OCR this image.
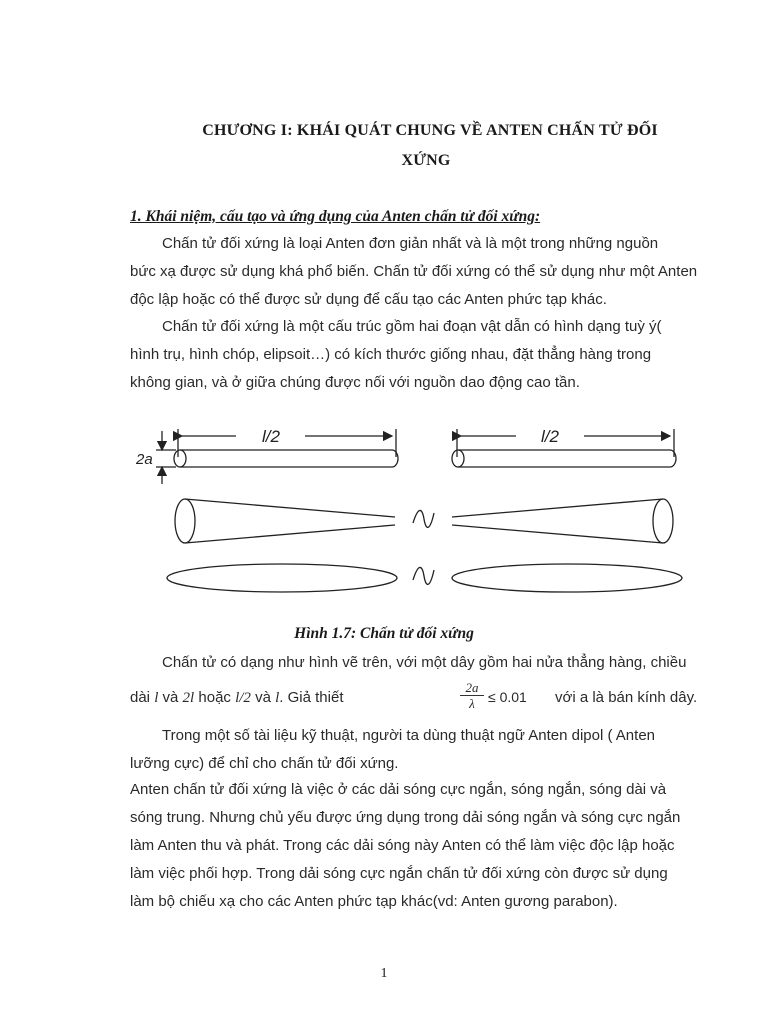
CHƯƠNG I: KHÁI QUÁT CHUNG VỀ ANTEN CHẤN TỬ ĐỐI
XỨNG
1. Khái niệm, cấu tạo và ứng dụng của Anten chấn tử đối xứng:
Chấn tử đối xứng là loại Anten đơn giản nhất và là một trong những nguồn
bức xạ được sử dụng khá phổ biến. Chấn tử đối xứng có thể sử dụng như một Anten
độc lập hoặc có thể được sử dụng để cấu tạo các Anten phức tạp khác.
Chấn tử đối xứng là một cấu trúc gồm hai đoạn vật dẫn có hình dạng tuỳ ý(
hình trụ, hình chóp, elipsoit…) có kích thước giống nhau, đặt thẳng hàng trong
không gian, và ở giữa chúng được nối với nguồn dao động cao tần.
l/2	l/2
2a
Hình 1.7: Chấn tử đối xứng
Chấn tử có dạng như hình vẽ trên, với một dây gồm hai nửa thẳng hàng, chiều
dài l và 2l hoặc l/2 và l. Giả thiết	$\frac{2a}{\lambda} \le 0.01$ với a là bán kính dây.
Trong một số tài liệu kỹ thuật, người ta dùng thuật ngữ Anten dipol ( Anten
lưỡng cực) để chỉ cho chấn tử đối xứng.
Anten chấn tử đối xứng là việc ở các dải sóng cực ngắn, sóng ngắn, sóng dài và
sóng trung. Nhưng chủ yếu được ứng dụng trong dải sóng ngắn và sóng cực ngắn
làm Anten thu và phát. Trong các dải sóng này Anten có thể làm việc độc lập hoặc
làm việc phối hợp. Trong dải sóng cực ngắn chấn tử đối xứng còn được sử dụng
làm bộ chiếu xạ cho các Anten phức tạp khác(vd: Anten gương parabon).
1
